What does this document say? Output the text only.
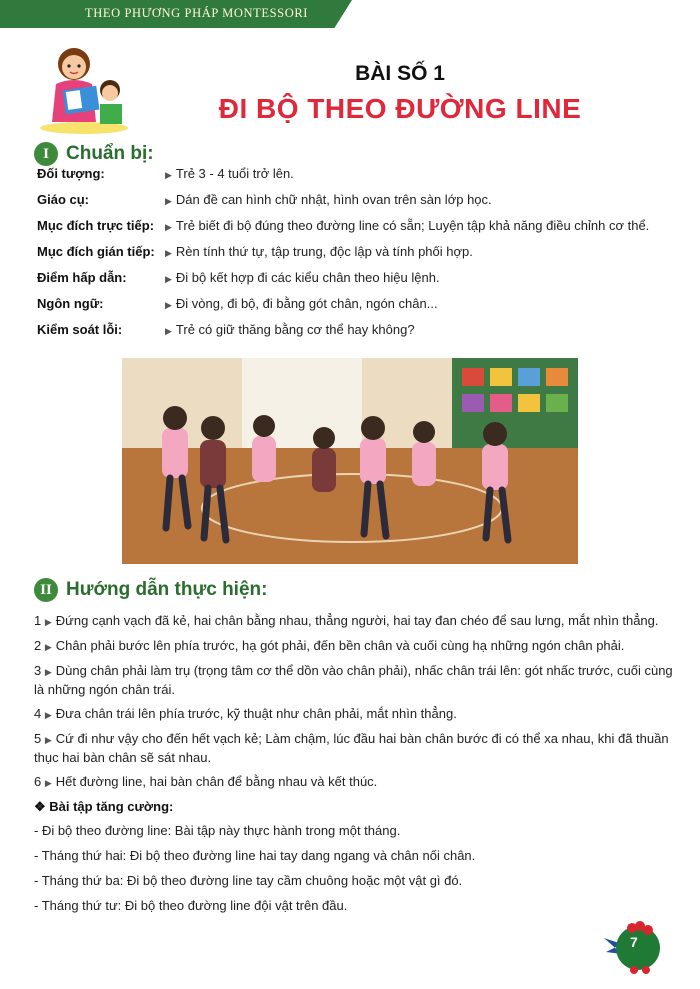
THEO PHƯƠNG PHÁP MONTESSORI
BÀI SỐ 1
ĐI BỘ THEO ĐƯỜNG LINE
I Chuẩn bị:
Đối tượng:	▶ Trẻ 3 - 4 tuổi trở lên.
Giáo cụ:	▶ Dán đề can hình chữ nhật, hình ovan trên sàn lớp học.
Mục đích trực tiếp: ▶ Trẻ biết đi bộ đúng theo đường line có sẵn; Luyện tập khả năng điều chỉnh cơ thể.
Mục đích gián tiếp: ▶ Rèn tính thứ tự, tập trung, độc lập và tính phối hợp.
Điểm hấp dẫn:	▶ Đi bộ kết hợp đi các kiểu chân theo hiệu lệnh.
Ngôn ngữ:	▶ Đi vòng, đi bộ, đi bằng gót chân, ngón chân...
Kiểm soát lỗi:	▶ Trẻ có giữ thăng bằng cơ thể hay không?
II Hướng dẫn thực hiện:
1 ▶ Đứng cạnh vạch đã kẻ, hai chân bằng nhau, thẳng người, hai tay đan chéo để sau lưng, mắt nhìn thẳng.
2 ▶ Chân phải bước lên phía trước, hạ gót phải, đến bền chân và cuối cùng hạ những ngón chân phải.
3 ▶ Dùng chân phải làm trụ (trọng tâm cơ thể dồn vào chân phải), nhấc chân trái lên: gót nhấc trước, cuối cùng là những ngón chân trái.
4 ▶ Đưa chân trái lên phía trước, kỹ thuật như chân phải, mắt nhìn thẳng.
5 ▶ Cứ đi như vậy cho đến hết vạch kẻ; Làm chậm, lúc đầu hai bàn chân bước đi có thể xa nhau, khi đã thuần thục hai bàn chân sẽ sát nhau.
6 ▶ Hết đường line, hai bàn chân để bằng nhau và kết thúc.
❖ Bài tập tăng cường:
- Đi bộ theo đường line: Bài tập này thực hành trong một tháng.
- Tháng thứ hai: Đi bộ theo đường line hai tay dang ngang và chân nối chân.
- Tháng thứ ba: Đi bộ theo đường line tay cầm chuông hoặc một vật gì đó.
- Tháng thứ tư: Đi bộ theo đường line đội vật trên đầu.
7
